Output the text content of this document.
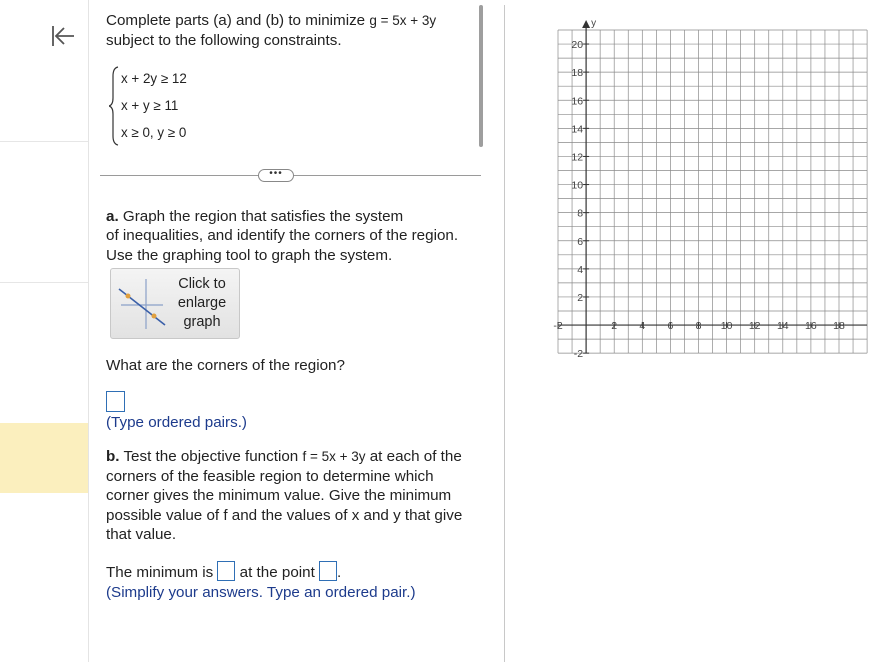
Complete parts (a) and (b) to minimize g = 5x + 3y
subject to the following constraints.
x + 2y ≥ 12
x + y ≥ 11
x ≥ 0, y ≥ 0
a. Graph the region that satisfies the system
of inequalities, and identify the corners of the region.
Use the graphing tool to graph the system.
What are the corners of the region?
(Type ordered pairs.)
b. Test the objective function f = 5x + 3y at each of the
corners of the feasible region to determine which
corner gives the minimum value. Give the minimum
possible value of f and the values of x and y that give
that value.
The minimum is at the point .
(Simplify your answers. Type an ordered pair.)
•••
Click to
enlarge
graph
y
-2	2 4 6 8 10 12 14 16 18
20
18
16
14
12
10
8
6
4
2
-2
